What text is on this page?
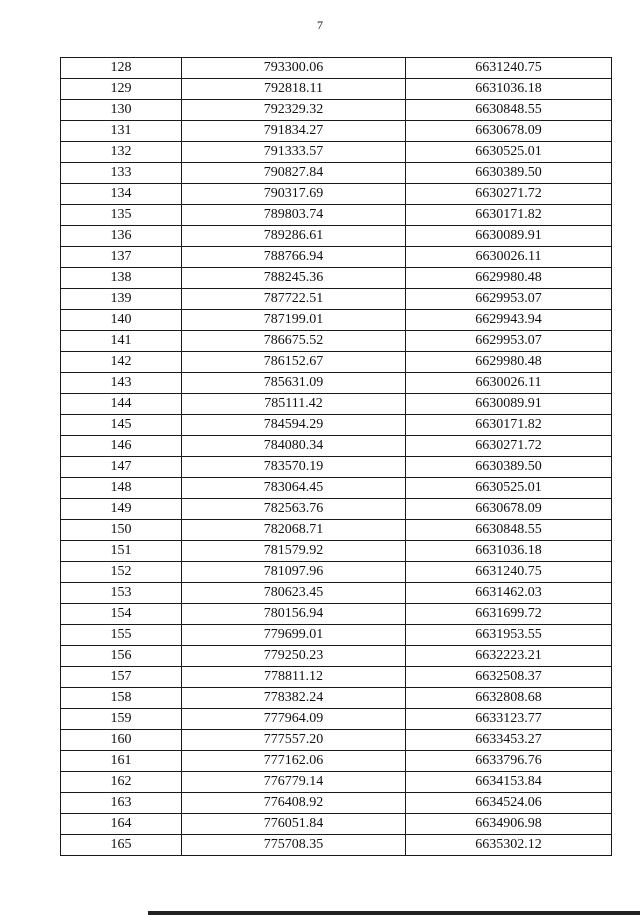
7
128	793300.06	6631240.75
129	792818.11	6631036.18
130	792329.32	6630848.55
131	791834.27	6630678.09
132	791333.57	6630525.01
133	790827.84	6630389.50
134	790317.69	6630271.72
135	789803.74	6630171.82
136	789286.61	6630089.91
137	788766.94	6630026.11
138	788245.36	6629980.48
139	787722.51	6629953.07
140	787199.01	6629943.94
141	786675.52	6629953.07
142	786152.67	6629980.48
143	785631.09	6630026.11
144	785111.42	6630089.91
145	784594.29	6630171.82
146	784080.34	6630271.72
147	783570.19	6630389.50
148	783064.45	6630525.01
149	782563.76	6630678.09
150	782068.71	6630848.55
151	781579.92	6631036.18
152	781097.96	6631240.75
153	780623.45	6631462.03
154	780156.94	6631699.72
155	779699.01	6631953.55
156	779250.23	6632223.21
157	778811.12	6632508.37
158	778382.24	6632808.68
159	777964.09	6633123.77
160	777557.20	6633453.27
161	777162.06	6633796.76
162	776779.14	6634153.84
163	776408.92	6634524.06
164	776051.84	6634906.98
165	775708.35	6635302.12
